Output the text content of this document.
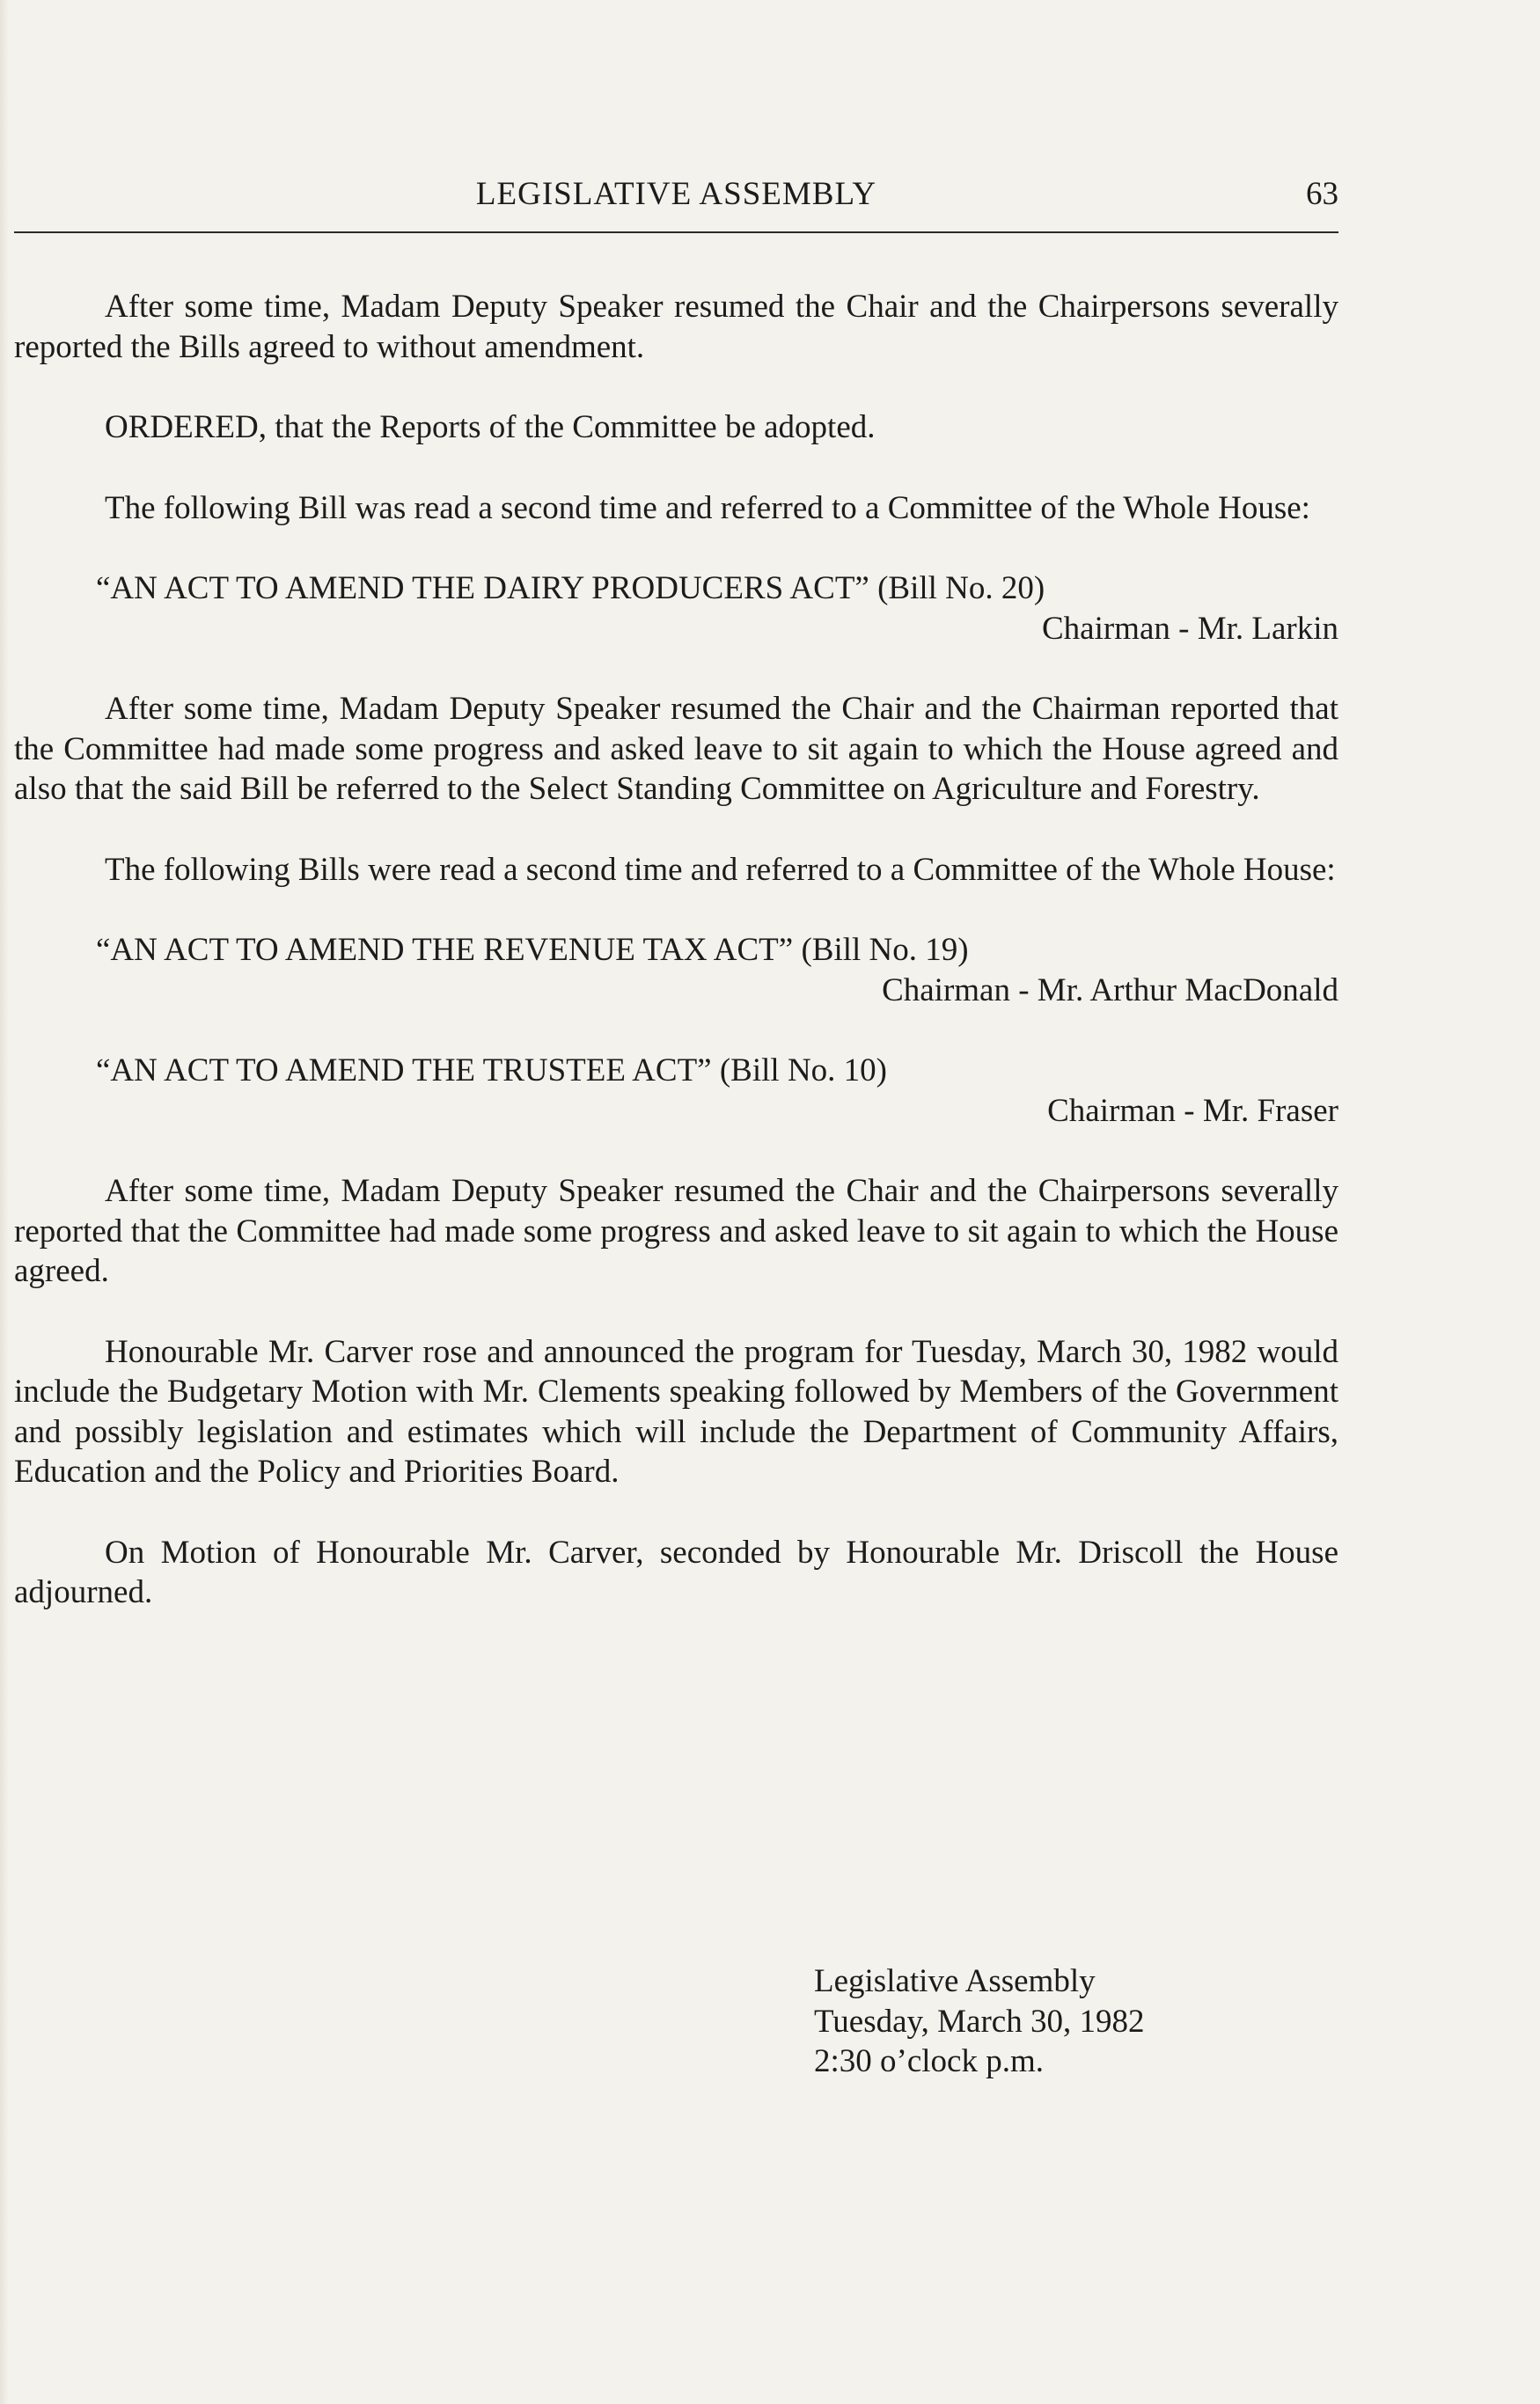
LEGISLATIVE ASSEMBLY	63

After some time, Madam Deputy Speaker resumed the Chair and the Chairpersons severally reported the Bills agreed to without amendment.

ORDERED, that the Reports of the Committee be adopted.

The following Bill was read a second time and referred to a Committee of the Whole House:

“AN ACT TO AMEND THE DAIRY PRODUCERS ACT” (Bill No. 20)

Chairman - Mr. Larkin

After some time, Madam Deputy Speaker resumed the Chair and the Chairman reported that the Committee had made some progress and asked leave to sit again to which the House agreed and also that the said Bill be referred to the Select Standing Committee on Agriculture and Forestry.

The following Bills were read a second time and referred to a Committee of the Whole House:

“AN ACT TO AMEND THE REVENUE TAX ACT” (Bill No. 19)

Chairman - Mr. Arthur MacDonald

“AN ACT TO AMEND THE TRUSTEE ACT” (Bill No. 10)

Chairman - Mr. Fraser

After some time, Madam Deputy Speaker resumed the Chair and the Chairpersons severally reported that the Committee had made some progress and asked leave to sit again to which the House agreed.

Honourable Mr. Carver rose and announced the program for Tuesday, March 30, 1982 would include the Budgetary Motion with Mr. Clements speaking followed by Members of the Government and possibly legislation and estimates which will include the Department of Community Affairs, Education and the Policy and Priorities Board.

On Motion of Honourable Mr. Carver, seconded by Honourable Mr. Driscoll the House adjourned.

Legislative Assembly
Tuesday, March 30, 1982
2:30 o’clock p.m.
